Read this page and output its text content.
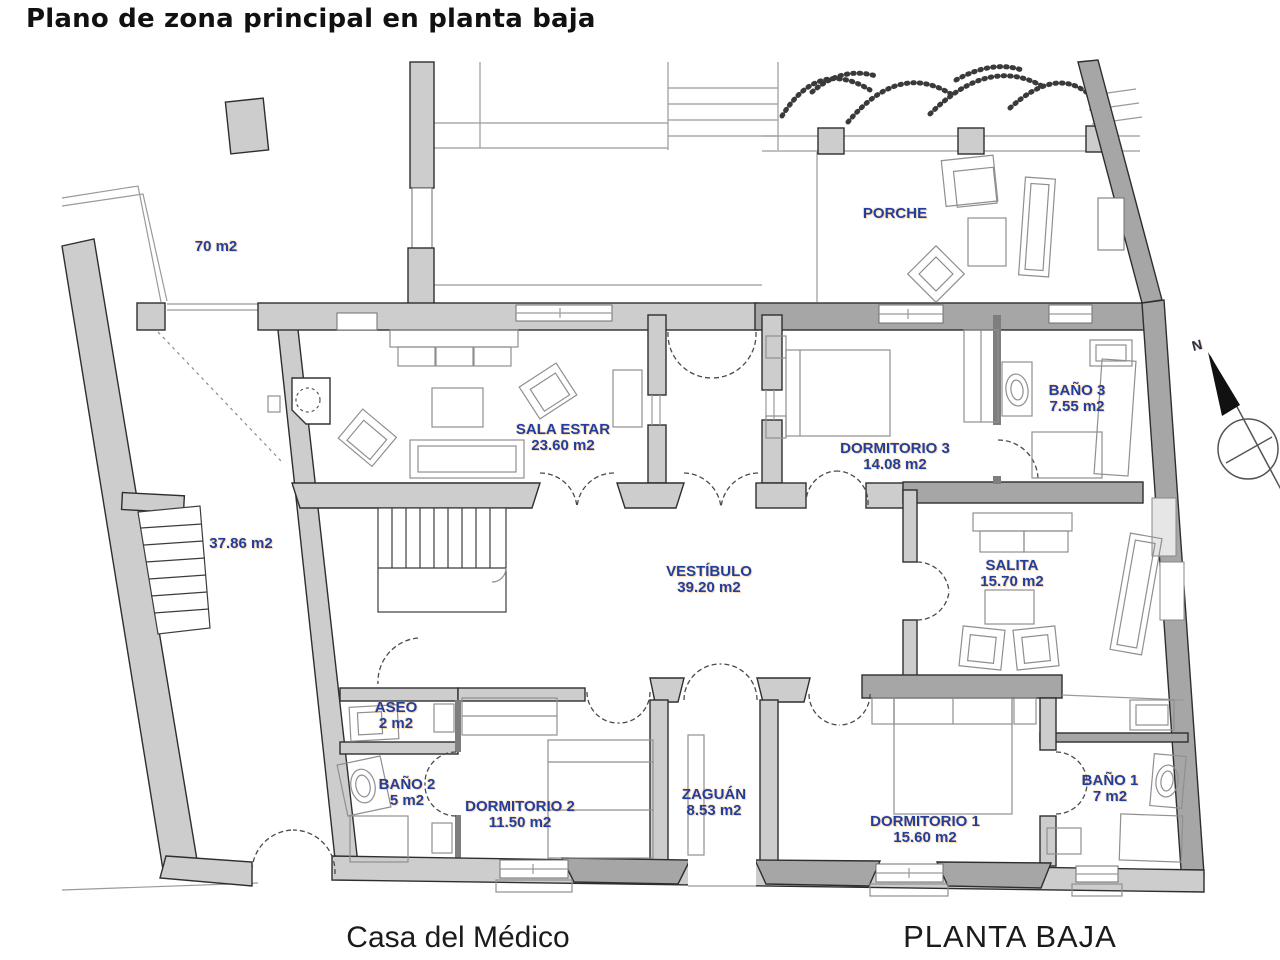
Plano de zona principal en planta baja
70 m2
PORCHE
SALA ESTAR
23.60 m2	DORMITORIO 3
14.08 m2
BAÑO 3
7.55 m2
37.86 m2
VESTÍBULO
39.20 m2
SALITA
15.70 m2
ASEO
2 m2
BAÑO 2
5 m2	DORMITORIO 2
11.50 m2
ZAGUÁN
8.53 m2
DORMITORIO 1
15.60 m2
BAÑO 1
7 m2
N
Casa del Médico	PLANTA BAJA
